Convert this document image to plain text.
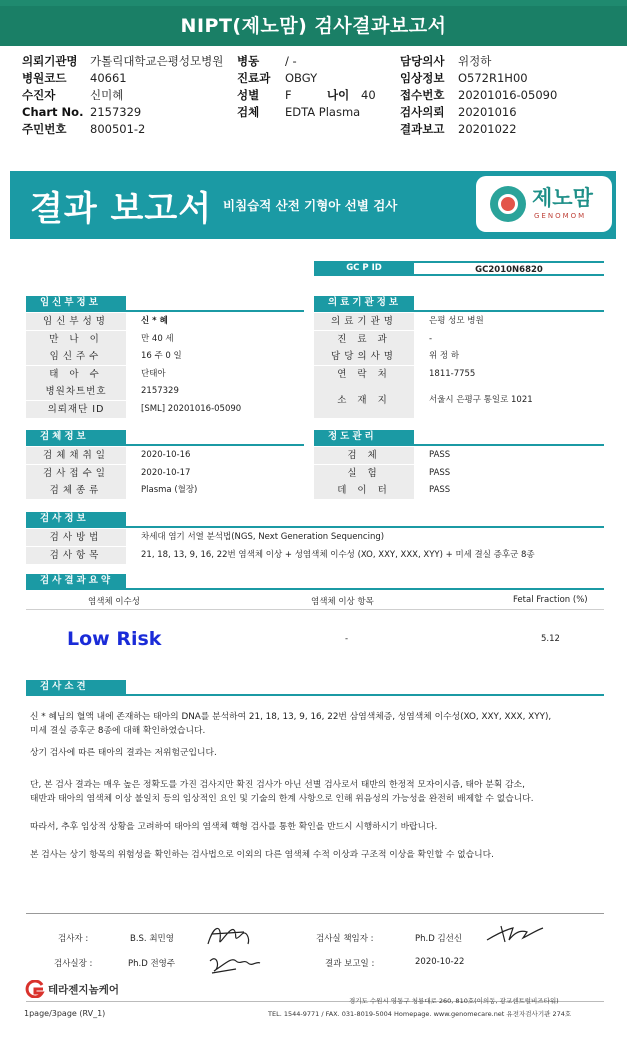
NIPT(제노맘) 검사결과보고서
의뢰기관명 가톨릭대학교은평성모병원
병원코드 40661
수진자	신미혜
Chart No. 2157329
주민번호 800501-2
병동 / -
진료과 OBGY
성별 F	나이 40
검체 EDTA Plasma
담당의사 위정하
임상정보 O572R1H00
접수번호 20201016-05090
검사의뢰 20201016
결과보고 20201022
결과 보고서 비침습적 산전 기형아 선별 검사	제노맘
GENOMOM
GC P ID	GC2010N6820
임신부정보
임신부성명	신 * 혜
만 나 이	만 40 세
임신주수	16 주 0 일
태 아 수	단태아
병원차트번호	2157329
의뢰재단 ID	[SML] 20201016-05090
의료기관정보
의료기관명	은평 성모 병원
진 료 과	-
담당의사명	위 정 하
연 락 처	1811-7755
소 재 지	서울시 은평구 통일로 1021
검체정보
검체채취일	2020-10-16
검사접수일	2020-10-17
검체종류	Plasma (혈장)
정도관리
검 체	PASS
실 험	PASS
데 이 터	PASS
검사정보
검사방법	차세대 염기 서열 분석법(NGS, Next Generation Sequencing)
검사항목	21, 18, 13, 9, 16, 22번 염색체 이상 + 성염색체 이수성 (XO, XXY, XXX, XYY) + 미세 결실 증후군 8종
검사결과요약
염색체 이수성	염색체 이상 항목	Fetal Fraction (%)
Low Risk	-	5.12
검사소견
신 * 혜님의 혈액 내에 존재하는 태아의 DNA를 분석하여 21, 18, 13, 9, 16, 22번 삼염색체증, 성염색체 이수성(XO, XXY, XXX, XYY),
미세 결실 증후군 8종에 대해 확인하였습니다.
상기 검사에 따른 태아의 결과는 저위험군입니다.
단, 본 검사 결과는 매우 높은 정확도를 가진 검사지만 확진 검사가 아닌 선별 검사로서 태반의 한정적 모자이시즘, 태아 분획 감소,
태반과 태아의 염색체 이상 불일치 등의 임상적인 요인 및 기술의 한계 사항으로 인해 위음성의 가능성을 완전히 배제할 수 없습니다.
따라서, 추후 임상적 상황을 고려하여 태아의 염색체 핵형 검사를 통한 확인을 반드시 시행하시기 바랍니다.
본 검사는 상기 항목의 위험성을 확인하는 검사법으로 이외의 다른 염색체 수적 이상과 구조적 이상을 확인할 수 없습니다.
검사자 :	B.S. 최민영	검사실 책임자 :	Ph.D 김선신
검사실장 :	Ph.D 전영주	결과 보고일 :	2020-10-22
테라젠지놈케어
경기도 수원시 영통구 청룡대로 260, 810호(이의동, 광교센트럴비즈타워)
1page/3page (RV_1)	TEL. 1544-9771 / FAX. 031-8019-5004 Homepage. www.genomecare.net 유전자검사기관 274호
